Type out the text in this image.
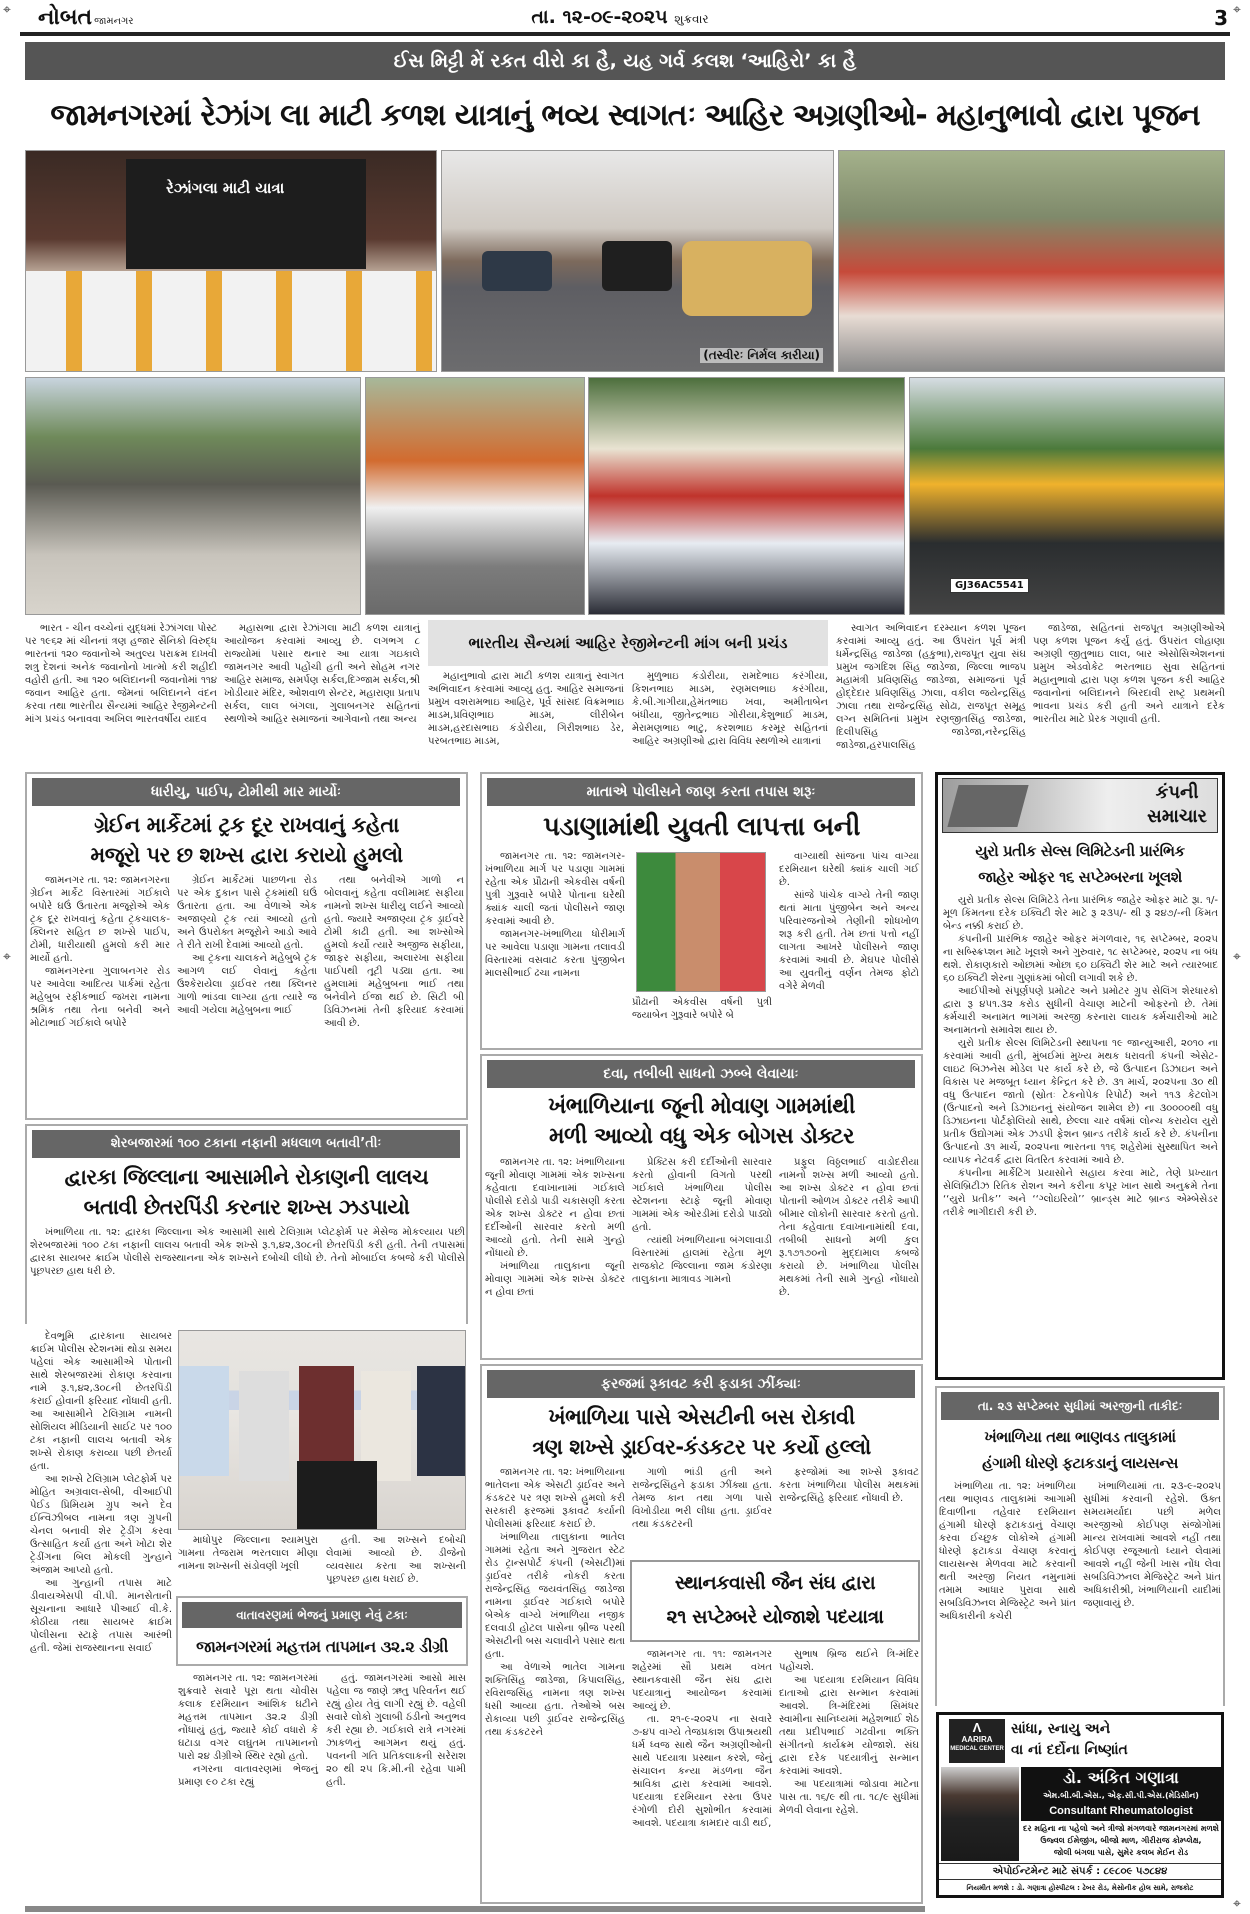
⌖	⌖
⌖	⌖
⌖
નોબત જામનગર	તા. ૧૨-૦૯-૨૦૨૫ શુક્રવાર	3
ઈસ મિટ્ટી મેં રકત વીરો કા હૈ, યહ ગર્વ કલશ ‘આહિરો’ કા હૈ
જામનગરમાં રેઝાંગ લા માટી કળશ યાત્રાનું ભવ્ય સ્વાગતઃ આહિર અગ્રણીઓ- મહાનુભાવો દ્વારા પૂજન
રેઝાંગલા માટી યાત્રા
(તસ્વીરઃ નિર્મલ કારીયા)
GJ36AC5541

ભારત - ચીન વચ્ચેનાં યુદ્ધમાં રેઝાંગલા પોસ્ટ પર ૧૯૬૨ માં ચીનનાં ત્રણ હજાર સૈનિકો વિરુદ્ધ ભારતનાં ૧૨૦ જવાનોએ અતુલ્ય પરાક્રમ દાખવી શત્રુ દેશનાં અનેક જવાનોનો ખાત્મો કરી શહીદી વહોરી હતી. આ ૧૨૦ બલિદાનની જવાનોમાં ૧૧૪ જવાન આહિર હતા. જેમનાં બલિદાનને વંદન કરવા તથા ભારતીય સૈન્યમાં આહિર રેજીમેન્ટની માંગ પ્રચંડ બનાવવા અખિલ ભારતવર્ષીય યાદવ

મહાસભા દ્વારા રેઝાંગલા માટી કળશ યાત્રાનું આયોજન કરવામાં આવ્યુ છે. લગભગ ૮ રાજ્યોમાં પસાર થનાર આ યાત્રા ગઇકાલે જામનગર આવી પહોંચી હતી અને સોહમ નગર આહિર સમાજ, સમર્પણ સર્કલ,દિગ્જામ સર્કલ,શ્રી ખોડીયાર મંદિર, ઓશવાળ સેન્ટર, મહારાણા પ્રતાપ સર્કલ, લાલ બંગલા, ગુલાબનગર સહિતનાં સ્થળોએ આહિર સમાજનાં આગેવાનો તથા અન્ય

ભારતીય સૈન્યમાં આહિર રેજીમેન્ટની માંગ બની પ્રચંડ

મહાનુભાવો દ્વારા માટી કળશ યાત્રાનું સ્વાગત અભિવાદન કરવામાં આવ્યુ હતુ. આહિર સમાજનાં પ્રમુખ વશરામભાઇ આહિર, પૂર્વ સાંસદ વિક્રમભાઇ માડમ,પ્રવિણભાઇ માડમ, લીરીબેન માડમ,હરદાસભાઇ કંડોરીયા, ગિરીશભાઇ ડેર, પરબતભાઇ માડમ,

મુળુભાઇ કંડોરીયા, રામદેભાઇ કરંગીયા, કિશનભાઇ માડમ, રણમલભાઇ કરંગીયા, કે.બી.ગાગીયા,હેમંતભાઇ ખવા, અમીતાબેન બંધીયા, જીતેન્દ્રભાઇ ગોરીયા,કેશુભાઈ માડમ, મેરામણભાઇ ભાટુ, કરશભાઇ કરમૂર સહિતનાં આહિર અગ્રણીઓ દ્વારા વિવિધ સ્થળોએ યાત્રાનાં

સ્વાગત અભિવાદન દરમ્યાન કળશ પૂજન કરવામાં આવ્યુ હતું. આ ઉપરાંત પૂર્વ મંત્રી ધર્મેન્દ્રસિંહ જાડેજા (હકુભા),રાજપૂત યુવા સંઘ પ્રમુખ જગદિશ સિંહ જાડેજા, જિલ્લા ભાજપ મહામંત્રી પ્રવિણસિંહ જાડેજા, સમાજનાં પૂર્વ હોદ્દેદાર પ્રવિણસિંહ ઝાલા, વકીલ જયેન્દ્રસિંહ ઝાલા તથા રાજેન્દ્રસિંહ સોઢા, રાજપૂત સમૂહ લગ્ન સમિતિનાં પ્રમુખ રણજીતસિંહ જાડેજા, દિલીપસિંહ જાડેજા,નરેન્દ્રસિંહ જાડેજા,હરપાલસિંહ

જાડેજા, સહિતનાં રાજપૂત અગ્રણીઓએ પણ કળશ પૂજન કર્યું હતું. ઉપરાંત લોહાણા અગ્રણી જીતુભાઇ લાલ, બાર એસોસિએશનનાં પ્રમુખ એડવોકેટ ભરતભાઇ સુવા સહિતનાં મહાનુભાવો દ્વારા પણ કળશ પૂજન કરી આહિર જવાનોનાં બલિદાનને બિરદાવી રાષ્ટ્ર પ્રથમની ભાવના પ્રચંડ કરી હતી અને યાત્રાને દરેક ભારતીય માટે પ્રેરક ગણાવી હતી.

ધારીયુ, પાઈપ, ટોમીથી માર માર્યોઃ
ગ્રેઈન માર્કેટમાં ટ્રક દૂર રાખવાનું કહેતા
મજૂરો પર છ શખ્સ દ્વારા કરાયો હુમલો

જામનગર તા. ૧૨: જામનગરના ગ્રેઈન માર્કેટ વિસ્તારમાં ગઈકાલે બપોરે ઘઉં ઉતારતા મજૂરોએ એક ટ્રક દૂર રાખવાનું કહેતા ટ્રકચાલક-ક્લિનર સહિત છ શખ્સે પાઈપ, ટોમી, ધારીયાથી હુમલો કરી માર માર્યો હતો.

જામનગરના ગુલાબનગર રોડ પર આવેલા આદિત્ય પાર્કમાં રહેતા મહેબુબ રફીકભાઈ જખરા નામના શ્રમિક તથા તેના બનેવી અને મોટાભાઈ ગઈકાલે બપોરે

ગ્રેઈન માર્કેટમાં પાછળના રોડ પર એક દુકાન પાસે ટ્રકમાંથી ઘઉં ઉતારતા હતા. આ વેળાએ એક અજાણ્યો ટ્રક ત્યાં આવ્યો હતો અને ઉપરોક્ત મજૂરોને આડો આવે તે રીતે રાખી દેવામાં આવ્યો હતો.

આ ટ્રકના ચાલકને મહેબુબે ટ્રક આગળ લઈ લેવાનું કહેતા ઉશ્કેરાયેલા ડ્રાઈવર તથા ક્લિનર ગાળો ભાંડવા લાગ્યા હતા ત્યારે જ આવી ગયેલા મહેબુબના ભાઈ

તથા બનેવીએ ગાળો ન બોલવાનું કહેતા વલીમામદ સફીયા નામનો શખ્સ ધારીયુ લઈને આવ્યો હતો. જ્યારે અજાણ્યા ટ્રક ડ્રાઈવરે ટોમી કાઢી હતી. આ શખ્સોએ હુમલો કર્યો ત્યારે અજીજ સફીયા, જાફર સફીયા, અલારખા સફીયા પાઈપથી તૂટી પડ્યા હતા. આ હુમલામાં મહેબુબના ભાઈ તથા બનેવીને ઈજા થઈ છે. સિટી બી ડિવિઝનમાં તેની ફરિયાદ કરવામાં આવી છે.

માતાએ પોલીસને જાણ કરતા તપાસ શરૂઃ
પડાણામાંથી યુવતી લાપત્તા બની

જામનગર તા. ૧૨: જામનગર-ખંભાળિયા માર્ગ પર પડાણા ગામમાં રહેતા એક પ્રૌઢાની એકવીસ વર્ષની પુત્રી ગુરૂવારે બપોરે પોતાના ઘરેથી ક્યાંક ચાલી જતાં પોલીસને જાણ કરવામાં આવી છે.

જામનગર-ખંભાળિયા ધોરીમાર્ગ પર આવેલા પડાણા ગામના તલાવડી વિસ્તારમાં વસવાટ કરતા પુંજીબેન માલસીભાઈ ઢચા નામના

પ્રૌઢાની એકવીસ વર્ષની પુત્રી જયાબેન ગુરૂવારે બપોરે બે

વાગ્યાથી સાંજના પાંચ વાગ્યા દરમિયાન ઘરેથી ક્યાંક ચાલી ગઈ છે.

સાંજે પાંચેક વાગ્યે તેની જાણ થતાં માતા પુંજીબેન અને અન્ય પરિવારજનોએ તેણીની શોધખોળ શરૂ કરી હતી. તેમ છતાં પત્તો નહીં લાગતા આખરે પોલીસને જાણ કરવામાં આવી છે. મેઘપર પોલીસે આ યુવતીનું વર્ણન તેમજ ફોટો વગેરે મેળવી

દવા, તબીબી સાધનો ઝબ્બે લેવાયાઃ
ખંભાળિયાના જૂની મોવાણ ગામમાંથી
મળી આવ્યો વધુ એક બોગસ ડોક્ટર

જામનગર તા. ૧૨: ખંભાળિયાના જૂની મોવાણ ગામમાં એક શખ્સના કહેવાતા દવાખાનામાં ગઈકાલે પોલીસે દરોડો પાડી ચકાસણી કરતા એક શખ્સ ડોક્ટર ન હોવા છતાં દર્દીઓની સારવાર કરતો મળી આવ્યો હતો. તેની સામે ગુન્હો નોંધાયો છે.

ખંભાળિયા તાલુકાના જૂની મોવાણ ગામમાં એક શખ્સ ડોક્ટર ન હોવા છતાં

પ્રેક્ટિસ કરી દર્દીઓની સારવાર કરતો હોવાની વિગતો પરથી ગઈકાલે ખંભાળિયા પોલીસ સ્ટેશનના સ્ટાફે જૂની મોવાણ ગામમાં એક ઓરડીમાં દરોડો પાડ્યો હતો.

ત્યાંથી ખંભાળિયાના બંગલાવાડી વિસ્તારમાં હાલમાં રહેતા મૂળ રાજકોટ જિલ્લાના જામ કંડોરણા તાલુકાના માત્રાવડ ગામનો

પ્રફુલ વિઠ્ઠલભાઈ વાડોદરીયા નામનો શખ્સ મળી આવ્યો હતો. આ શખ્સ ડોક્ટર ન હોવા છતાં પોતાની ઓળખ ડોક્ટર તરીકે આપી બીમાર લોકોની સારવાર કરતો હતો. તેના કહેવાતા દવાખાનામાંથી દવા, તબીબી સાધનો મળી કુલ રૂ.૧૭૧૭૦નો મુદ્દામાલ કબજે કરાયો છે. ખંભાળિયા પોલીસ મથકમાં તેની સામે ગુન્હો નોંધાયો છે.

ફરજમાં રૂકાવટ કરી ફડાકા ઝીંક્યાઃ
ખંભાળિયા પાસે એસટીની બસ રોકાવી
ત્રણ શખ્સે ડ્રાઈવર-કંડકટર પર કર્યો હલ્લો

જામનગર તા. ૧૨: ખંભાળિયાના ભાતેલના એક એસટી ડ્રાઈવર અને કંડકટર પર ત્રણ શખ્સે હુમલો કરી સરકારી ફરજમાં રૂકાવટ કર્યાની પોલીસમાં ફરિયાદ કરાઈ છે.

ખંભાળિયા તાલુકાના ભાતેલ ગામમાં રહેતા અને ગુજરાત સ્ટેટ રોડ ટ્રાન્સપોર્ટ કંપની (એસટી)માં ડ્રાઈવર તરીકે નોકરી કરતા રાજેન્દ્રસિંહ જયવંતસિંહ જાડેજા નામના ડ્રાઈવર ગઈકાલે બપોરે બેએક વાગ્યે ખંભાળિયા નજીક દલવાડી હોટલ પાસેના બ્રીજ પરથી એસટીની બસ ચલાવીને પસાર થતા હતા.

આ વેળાએ ભાતેલ ગામના શક્તિસિંહ જાડેજા, કિપાલસિંહ, રવિરાજસિંહ નામના ત્રણ શખ્સ ધસી આવ્યા હતા. તેઓએ બસ રોકાવ્યા પછી ડ્રાઈવર રાજેન્દ્રસિંહ તથા કંડકટરને

ગાળો ભાંડી હતી અને રાજેન્દ્રસિંહને ફડાકા ઝીંક્યા હતા. તેમજ કાન તથા ગળા પાસે વિખોડીયા ભરી લીધા હતા. ડ્રાઈવર તથા કંડકટરની

ફરજોમાં આ શખ્સે રૂકાવટ કરતા ખંભાળિયા પોલીસ મથકમાં રાજેન્દ્રસિંહે ફરિયાદ નોંધાવી છે.

સ્થાનકવાસી જૈન સંઘ દ્વારા
૨૧ સપ્ટેમ્બરે યોજાશે પદયાત્રા

જામનગર તા. ૧૧: જામનગર શહેરમાં સૌ પ્રથમ વખત સ્થાનકવાસી જૈન સંઘ દ્વારા પદયાત્રાનું આયોજન કરવામાં આવ્યું છે.

તા. ૨૧-૯-૨૦૨૫ ના સવારે ૭-૪૫ વાગ્યે તેજપ્રકાશ ઉપાશ્રયથી ધર્મ ધ્વજ સાથે જૈન અગ્રણીઓની સાથે પદયાત્રા પ્રસ્થાન કરશે, જેનું સંચાલન કન્યા મંડળના જૈન શ્રાવિકા દ્વારા કરવામાં આવશે. પદયાત્રા દરમિયાન રસ્તા ઉપર રંગોળી દોરી સુશોભીત કરવામાં આવશે. પદયાત્રા કામદાર વાડી થઈ,

સુભાષ બ્રિજ થઈને ત્રિ-મંદિર પહોંચશે.

આ પદયાત્રા દરમિયાન વિવિધ દાતાઓ દ્વારા સન્માન કરવામાં આવશે. ત્રિ-મંદિરમાં સિમંધર સ્વામીના સાનિધ્યમાં મહેશભાઈ શેઠ તથા પ્રદીપભાઈ ગઢવીના ભક્તિ સંગીતનો કાર્યક્રમ યોજાશે. સંઘ દ્વારા દરેક પદયાત્રીનું સન્માન કરવામાં આવશે.

આ પદયાત્રામાં જોડાવા માટેના પાસ તા. ૧૬/૯ થી તા. ૧૮/૯ સુધીમાં મેળવી લેવાના રહેશે.

શેરબજારમાં ૧૦૦ ટકાના નફાની મધલાળ બતાવી’તીઃ
દ્વારકા જિલ્લાના આસામીને રોકાણની લાલચ
બતાવી છેતરપિંડી કરનાર શખ્સ ઝડપાયો

ખંભાળિયા તા. ૧૨: દ્વારકા જિલ્લાના એક આસામી સાથે ટેલિગ્રામ પ્લેટફોર્મ પર મેસેજ મોકલ્યાય પછી શેરબજારમાં ૧૦૦ ટકા નફાની લાલચ બતાવી એક શખ્સે રૂ.૧,૪૨,૩૦૮ની છેતરપિંડી કરી હતી. તેની તપાસમાં દ્વારકા સાયબર ક્રાઈમ પોલીસે રાજસ્થાનના એક શખ્સને દબોચી લીધો છે. તેનો મોબાઈલ કબજે કરી પોલીસે પૂછપરછ હાથ ધરી છે.

દેવભૂમિ દ્વારકાના સાયબર ક્રાઈમ પોલીસ સ્ટેશનમાં થોડા સમય પહેલાં એક આસામીએ પોતાની સાથે શેરબજારમાં રોકાણ કરવાના નામે રૂ.૧,૪૨,૩૦૮ની છેતરપિંડી કરાઈ હોવાની ફરિયાદ નોંધાવી હતી. આ આસામીને ટેલિગ્રામ નામની સોશિયલ મીડિયાની સાઈટ પર ૧૦૦ ટકા નફાની લાલચ બતાવી એક શખ્સે રોકાણ કરાવ્યા પછી છેતર્યા હતા.

આ શખ્સે ટેલિગ્રામ પ્લેટફોર્મ પર મોહિત અગ્રવાલ-સેબી, વીઆઈપી પેઈડ પ્રિમિયમ ગ્રુપ અને દેવ ઈન્વિઝીબલ નામના ત્રણ ગ્રુપની ચેનલ બનાવી શેર ટ્રેડીંગ કરવા ઉત્સાહિત કર્યા હતા અને ખોટા શેર ટ્રેડીંગના બિલ મોકલી ગુન્હાને અંજામ આપ્યો હતો.

આ ગુન્હાની તપાસ માટે ડીવાયએસપી વી.પી. માનસેતાની સૂચનાના આધારે પીઆઈ વી.કે. કોઠીયા તથા સાયબર ક્રાઈમ પોલીસના સ્ટાફે તપાસ આરંભી હતી. જેમાં રાજસ્થાનના સવાઈ

માધોપુર જિલ્લાના શ્યામપુરા ગામના તેજરામ ભરતલાલ મીણા નામના શખ્સની સંડોવણી ખૂલી

હતી. આ શખ્સને દબોચી લેવામાં આવ્યો છે. ડીજેનો વ્યવસાય કરતા આ શખ્સની પૂછપરછ હાથ ધરાઈ છે.

વાતાવરણમાં ભેજનું પ્રમાણ નેવું ટકાઃ
જામનગરમાં મહત્તમ તાપમાન ૩૨.૨ ડીગ્રી

જામનગર તા. ૧૨: જામનગરમાં શુક્રવારે સવારે પૂરા થતા ચોવીસ કલાક દરમિયાન આંશિક ઘટીને મહત્તમ તાપમાન ૩૨.૨ ડીગ્રી નોંધાયું હતું, જ્યારે કોઈ વધારો કે ઘટાડા વગર લઘુતમ તાપમાનનો પારો ૨૪ ડીગ્રીએ સ્થિર રહ્યો હતો.

નગરના વાતાવરણમાં ભેજનું પ્રમાણ ૯૦ ટકા રહ્યું

હતું. જામનગરમાં આસો માસ પહેલા જ જાણે ઋતુ પરિવર્તન થઈ રહ્યું હોય તેવું લાગી રહ્યું છે. વહેલી સવારે લોકો ગુલાબી ઠંડીનો અનુભવ કરી રહ્યા છે. ગઈકાલે રાત્રે નગરમાં ઝાકળનું આગમન થયું હતું. પવનની ગતિ પ્રતિકલાકની સરેરાશ ૨૦ થી ૨૫ કિ.મી.ની રહેવા પામી હતી.

કંપની
સમાચાર
યુરો પ્રતીક સેલ્સ લિમિટેડની પ્રારંભિક
જાહેર ઓફર ૧૬ સપ્ટેમ્બરના ખૂલશે

યુરો પ્રતીક સેલ્સ લિમિટેડે તેના પ્રારંભિક જાહેર ઓફર માટે રૂા. ૧/- મૂળ કિંમતના દરેક ઇક્વિટી શેર માટે રૂ ૨૩૫/- થી રૂ ૨૪૭/-ની કિંમત બેન્ડ નક્કી કરાઈ છે.

કંપનીની પ્રારંભિક જાહેર ઓફર મંગળવાર, ૧૬ સપ્ટેમ્બર, ૨૦૨૫ ના સબ્સ્ક્રિપ્શન માટે ખૂલશે અને ગુરુવાર, ૧૮ સપ્ટેમ્બર, ૨૦૨૫ ના બંધ થશે. રોકાણકારો ઓછામાં ઓછા ૬૦ ઇક્વિટી શેર માટે અને ત્યારબાદ ૬૦ ઇક્વિટી શેરના ગુણાંકમાં બોલી લગાવી શકે છે.

આઈપીઓ સંપૂર્ણપણે પ્રમોટર અને પ્રમોટર ગ્રુપ સેલિંગ શેરધારકો દ્વારા રૂ ૪૫૧.૩૨ કરોડ સુધીની વેચાણ માટેની ઓફરનો છે. તેમાં કર્મચારી અનામત ભાગમાં અરજી કરનારા લાયક કર્મચારીઓ માટે અનામતનો સમાવેશ થાય છે.

યુરો પ્રતીક સેલ્સ લિમિટેડની સ્થાપના ૧૯ જાન્યુઆરી, ૨૦૧૦ ના કરવામાં આવી હતી, મુંબઈમાં મુખ્ય મથક ધરાવતી કંપની એસેટ-લાઇટ બિઝનેસ મોડેલ પર કાર્ય કરે છે, જે ઉત્પાદન ડિઝાઇન અને વિકાસ પર મજબૂત ધ્યાન કેન્દ્રિત કરે છે. ૩૧ માર્ચ, ૨૦૨૫ના ૩૦ થી વધુ ઉત્પાદન જાતો (સ્રોતઃ ટેકનોપેક રિપોર્ટ) અને ૧૧૩ કેટલોગ (ઉત્પાદનો અને ડિઝાઇનનું સંયોજન શામેલ છે) ના ૩૦૦૦૦થી વધુ ડિઝાઇનના પોર્ટફોલિયો સાથે, છેલ્લા ચાર વર્ષમાં લોન્ચ કરાયેલ યુરો પ્રતીક ઉદ્યોગમાં એક ઝડપી ફેશન બ્રાન્ડ તરીકે કાર્ય કરે છે. કંપનીના ઉત્પાદનો ૩૧ માર્ચ, ૨૦૨૫ના ભારતના ૧૧૬ શહેરોમાં સુસ્થાપિત અને વ્યાપક નેટવર્ક દ્વારા વિતરિત કરવામાં આવે છે.

કંપનીના માર્કેટિંગ પ્રયાસોને સહાય કરવા માટે, તેણે પ્રખ્યાત સેલિબ્રિટીઝ રિતિક રોશન અને કરીના કપૂર ખાન સાથે અનુક્રમે તેના ‘‘યુરો પ્રતીક’’ અને ‘‘ગ્લોઇરિયો’’ બ્રાન્ડ્સ માટે બ્રાન્ડ એમ્બેસેડર તરીકે ભાગીદારી કરી છે.

તા. ૨૩ સપ્ટેમ્બર સુધીમાં અરજીની તાકીદઃ
ખંભાળિયા તથા ભાણવડ તાલુકામાં
હંગામી ધોરણે ફટાકડાનું લાયસન્સ

ખંભાળિયા તા. ૧૨: ખંભાળિયા તથા ભાણવડ તાલુકામાં આગામી દિવાળીના તહેવાર દરમિયાન હંગામી ધોરણે ફટાકડાનું વેંચાણ કરવા ઈચ્છુક લોકોએ હંગામી ધોરણે ફટાકડા વેંચાણ કરવાનું લાયસન્સ મેળવવા માટે કરવાની થતી અરજી નિયત નમુનામાં તમામ આધાર પુરાવા સાથે સબડિવિઝનલ મેજિસ્ટ્રેટ અને પ્રાંત અધિકારીની કચેરી

ખંભાળિયામાં તા. ૨૩-૯-૨૦૨૫ સુધીમાં કરવાની રહેશે. ઉક્ત સમયમર્યાદા પછી મળેલ અરજીઓ કોઈપણ સંજોગોમાં માન્ય રાખવામાં આવશે નહીં તથા કોઈપણ રજૂઆતો ધ્યાને લેવામાં આવશે નહીં જેની ખાસ નોંધ લેવા સબડિવિઝનલ મેજિસ્ટ્રેટ અને પ્રાંત અધિકારીશ્રી, ખંભાળિયાની યાદીમાં જણાવાયું છે.

Λ
AARIRA
MEDICAL CENTER
સાંધા, સ્નાયુ અને
વા નાં દર્દોના નિષ્ણાંત
ડો. અંકિત ગણાત્રા
એમ.બી.બી.એસ., એફ.સી.પી.એસ.(મેડિસીન)
Consultant Rheumatologist
દર મહિના ના પહેલો અને ત્રીજો મંગળવારે જામનગરમાં મળશે
ઉજ્વલ ઈમેજીંગ, બીજો માળ, ગીરીરાજ કોમ્પ્લેક્ષ,
જોલી બંગલા પાસે, સુમેર કલબ મેઈન રોડ
એપોઈન્ટમેન્ટ માટે સંપર્ક : ૮૯૮૦૯ ૫૭૮૪૪
નિયમીત મળશે : ડો. ગણાત્રા હોસ્પીટલ : ઢેબર રોડ, મેસોનીક હોલ સામે, રાજકોટ
